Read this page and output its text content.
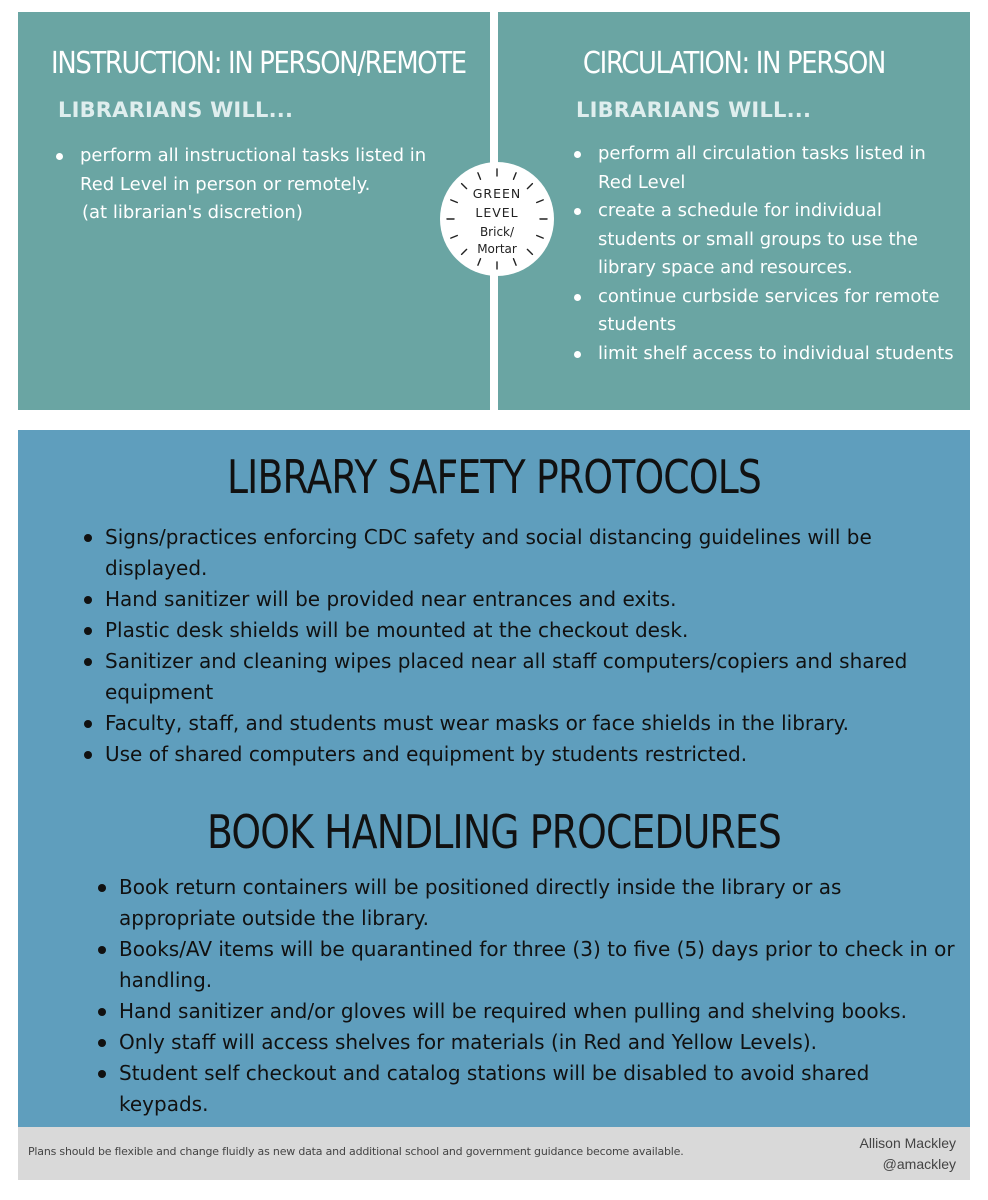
INSTRUCTION: IN PERSON/REMOTE

LIBRARIANS WILL...

perform all instructional tasks listed in Red Level in person or remotely.
(at librarian's discretion)
CIRCULATION: IN PERSON

LIBRARIANS WILL...

perform all circulation tasks listed in Red Level
create a schedule for individual students or small groups to use the library space and resources.
continue curbside services for remote students
limit shelf access to individual students

GREEN

LEVEL

Brick/

Mortar

LIBRARY SAFETY PROTOCOLS
Signs/practices enforcing CDC safety and social distancing guidelines will be displayed.
Hand sanitizer will be provided near entrances and exits.
Plastic desk shields will be mounted at the checkout desk.
Sanitizer and cleaning wipes placed near all staff computers/copiers and shared equipment
Faculty, staff, and students must wear masks or face shields in the library.
Use of shared computers and equipment by students restricted.
BOOK HANDLING PROCEDURES
Book return containers will be positioned directly inside the library or as appropriate outside the library.
Books/AV items will be quarantined for three (3) to five (5) days prior to check in or handling.
Hand sanitizer and/or gloves will be required when pulling and shelving books.
Only staff will access shelves for materials (in Red and Yellow Levels).
Student self checkout and catalog stations will be disabled to avoid shared keypads.

Plans should be flexible and change fluidly as new data and additional school and government guidance become available.

Allison Mackley
@amackley
